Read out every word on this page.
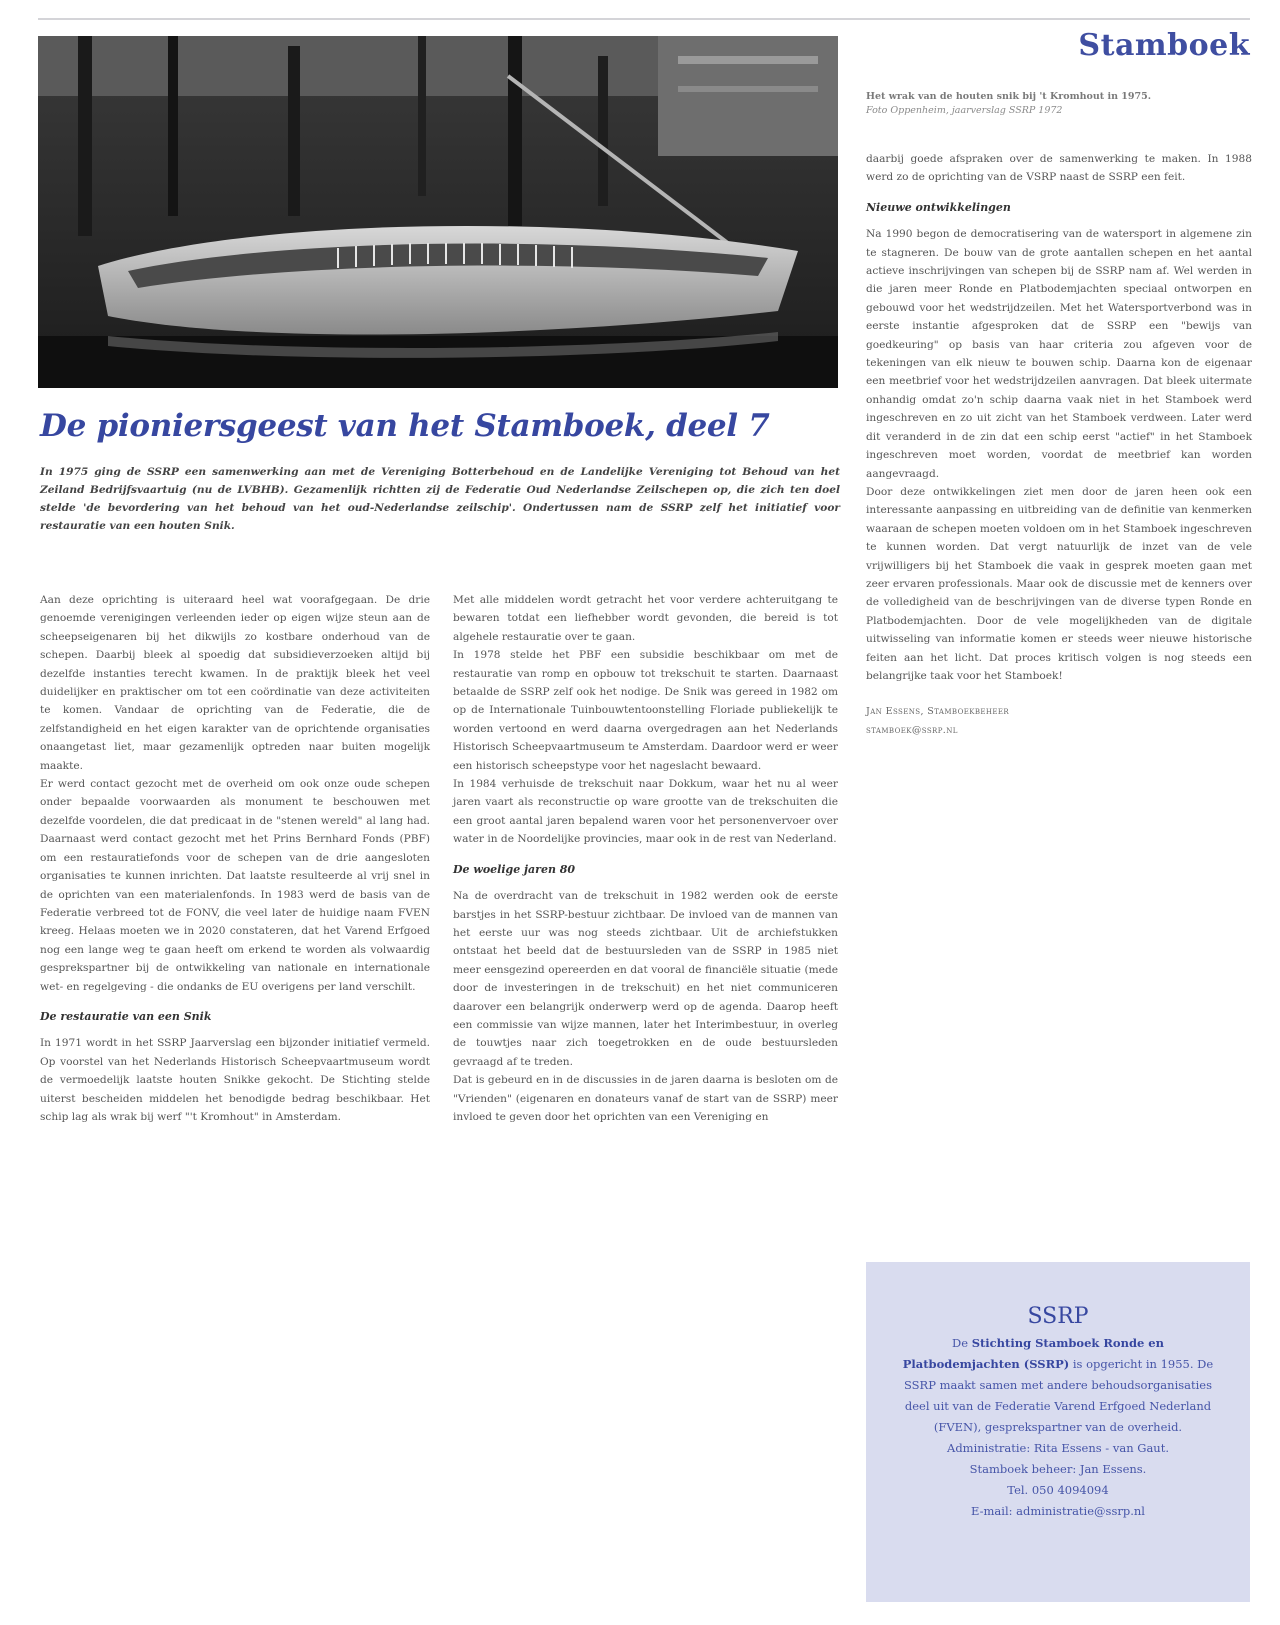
Stamboek
Het wrak van de houten snik bij 't Kromhout in 1975.
Foto Oppenheim, jaarverslag SSRP 1972
De pioniersgeest van het Stamboek, deel 7

In 1975 ging de SSRP een samenwerking aan met de Vereniging Botterbehoud en de Landelijke Vereniging tot Behoud van het Zeiland Bedrijfsvaartuig (nu de LVBHB). Gezamenlijk richtten zij de Federatie Oud Nederlandse Zeilschepen op, die zich ten doel stelde 'de bevordering van het behoud van het oud-Nederlandse zeilschip'. Ondertussen nam de SSRP zelf het initiatief voor restauratie van een houten Snik.

Aan deze oprichting is uiteraard heel wat voorafgegaan. De drie genoemde verenigingen verleenden ieder op eigen wijze steun aan de scheepseigenaren bij het dikwijls zo kostbare onderhoud van de schepen. Daarbij bleek al spoedig dat subsidieverzoeken altijd bij dezelfde instanties terecht kwamen. In de praktijk bleek het veel duidelijker en praktischer om tot een coördinatie van deze activiteiten te komen. Vandaar de oprichting van de Federatie, die de zelfstandigheid en het eigen karakter van de oprichtende organisaties onaangetast liet, maar gezamenlijk optreden naar buiten mogelijk maakte.

Er werd contact gezocht met de overheid om ook onze oude schepen onder bepaalde voorwaarden als monument te beschouwen met dezelfde voordelen, die dat predicaat in de "stenen wereld" al lang had. Daarnaast werd contact gezocht met het Prins Bernhard Fonds (PBF) om een restauratiefonds voor de schepen van de drie aangesloten organisaties te kunnen inrichten. Dat laatste resulteerde al vrij snel in de oprichten van een materialenfonds. In 1983 werd de basis van de Federatie verbreed tot de FONV, die veel later de huidige naam FVEN kreeg. Helaas moeten we in 2020 constateren, dat het Varend Erfgoed nog een lange weg te gaan heeft om erkend te worden als volwaardig gesprekspartner bij de ontwikkeling van nationale en internationale wet- en regelgeving - die ondanks de EU overigens per land verschilt.

De restauratie van een Snik

In 1971 wordt in het SSRP Jaarverslag een bijzonder initiatief vermeld. Op voorstel van het Nederlands Historisch Scheepvaartmuseum wordt de vermoedelijk laatste houten Snikke gekocht. De Stichting stelde uiterst bescheiden middelen het benodigde bedrag beschikbaar. Het schip lag als wrak bij werf "'t Kromhout" in Amsterdam.

Met alle middelen wordt getracht het voor verdere achteruitgang te bewaren totdat een liefhebber wordt gevonden, die bereid is tot algehele restauratie over te gaan.

In 1978 stelde het PBF een subsidie beschikbaar om met de restauratie van romp en opbouw tot trekschuit te starten. Daarnaast betaalde de SSRP zelf ook het nodige. De Snik was gereed in 1982 om op de Internationale Tuinbouwtentoonstelling Floriade publiekelijk te worden vertoond en werd daarna overgedragen aan het Nederlands Historisch Scheepvaartmuseum te Amsterdam. Daardoor werd er weer een historisch scheepstype voor het nageslacht bewaard.

In 1984 verhuisde de trekschuit naar Dokkum, waar het nu al weer jaren vaart als reconstructie op ware grootte van de trekschuiten die een groot aantal jaren bepalend waren voor het personenvervoer over water in de Noordelijke provincies, maar ook in de rest van Nederland.

De woelige jaren 80

Na de overdracht van de trekschuit in 1982 werden ook de eerste barstjes in het SSRP-bestuur zichtbaar. De invloed van de mannen van het eerste uur was nog steeds zichtbaar. Uit de archiefstukken ontstaat het beeld dat de bestuursleden van de SSRP in 1985 niet meer eensgezind opereerden en dat vooral de financiële situatie (mede door de investeringen in de trekschuit) en het niet communiceren daarover een belangrijk onderwerp werd op de agenda. Daarop heeft een commissie van wijze mannen, later het Interimbestuur, in overleg de touwtjes naar zich toegetrokken en de oude bestuursleden gevraagd af te treden.

Dat is gebeurd en in de discussies in de jaren daarna is besloten om de "Vrienden" (eigenaren en donateurs vanaf de start van de SSRP) meer invloed te geven door het oprichten van een Vereniging en

daarbij goede afspraken over de samenwerking te maken. In 1988 werd zo de oprichting van de VSRP naast de SSRP een feit.

Nieuwe ontwikkelingen

Na 1990 begon de democratisering van de watersport in algemene zin te stagneren. De bouw van de grote aantallen schepen en het aantal actieve inschrijvingen van schepen bij de SSRP nam af. Wel werden in die jaren meer Ronde en Platbodemjachten speciaal ontworpen en gebouwd voor het wedstrijdzeilen. Met het Watersportverbond was in eerste instantie afgesproken dat de SSRP een "bewijs van goedkeuring" op basis van haar criteria zou afgeven voor de tekeningen van elk nieuw te bouwen schip. Daarna kon de eigenaar een meetbrief voor het wedstrijdzeilen aanvragen. Dat bleek uitermate onhandig omdat zo'n schip daarna vaak niet in het Stamboek werd ingeschreven en zo uit zicht van het Stamboek verdween. Later werd dit veranderd in de zin dat een schip eerst "actief" in het Stamboek ingeschreven moet worden, voordat de meetbrief kan worden aangevraagd.

Door deze ontwikkelingen ziet men door de jaren heen ook een interessante aanpassing en uitbreiding van de definitie van kenmerken waaraan de schepen moeten voldoen om in het Stamboek ingeschreven te kunnen worden. Dat vergt natuurlijk de inzet van de vele vrijwilligers bij het Stamboek die vaak in gesprek moeten gaan met zeer ervaren professionals. Maar ook de discussie met de kenners over de volledigheid van de beschrijvingen van de diverse typen Ronde en Platbodemjachten. Door de vele mogelijkheden van de digitale uitwisseling van informatie komen er steeds weer nieuwe historische feiten aan het licht. Dat proces kritisch volgen is nog steeds een belangrijke taak voor het Stamboek!

Jan Essens, Stamboekbeheer
stamboek@ssrp.nl

SSRP

De Stichting Stamboek Ronde en Platbodemjachten (SSRP) is opgericht in 1955. De SSRP maakt samen met andere behoudsorganisaties deel uit van de Federatie Varend Erfgoed Nederland (FVEN), gesprekspartner van de overheid.

Administratie: Rita Essens - van Gaut.
Stamboek beheer: Jan Essens.
Tel. 050 4094094
E-mail: administratie@ssrp.nl
